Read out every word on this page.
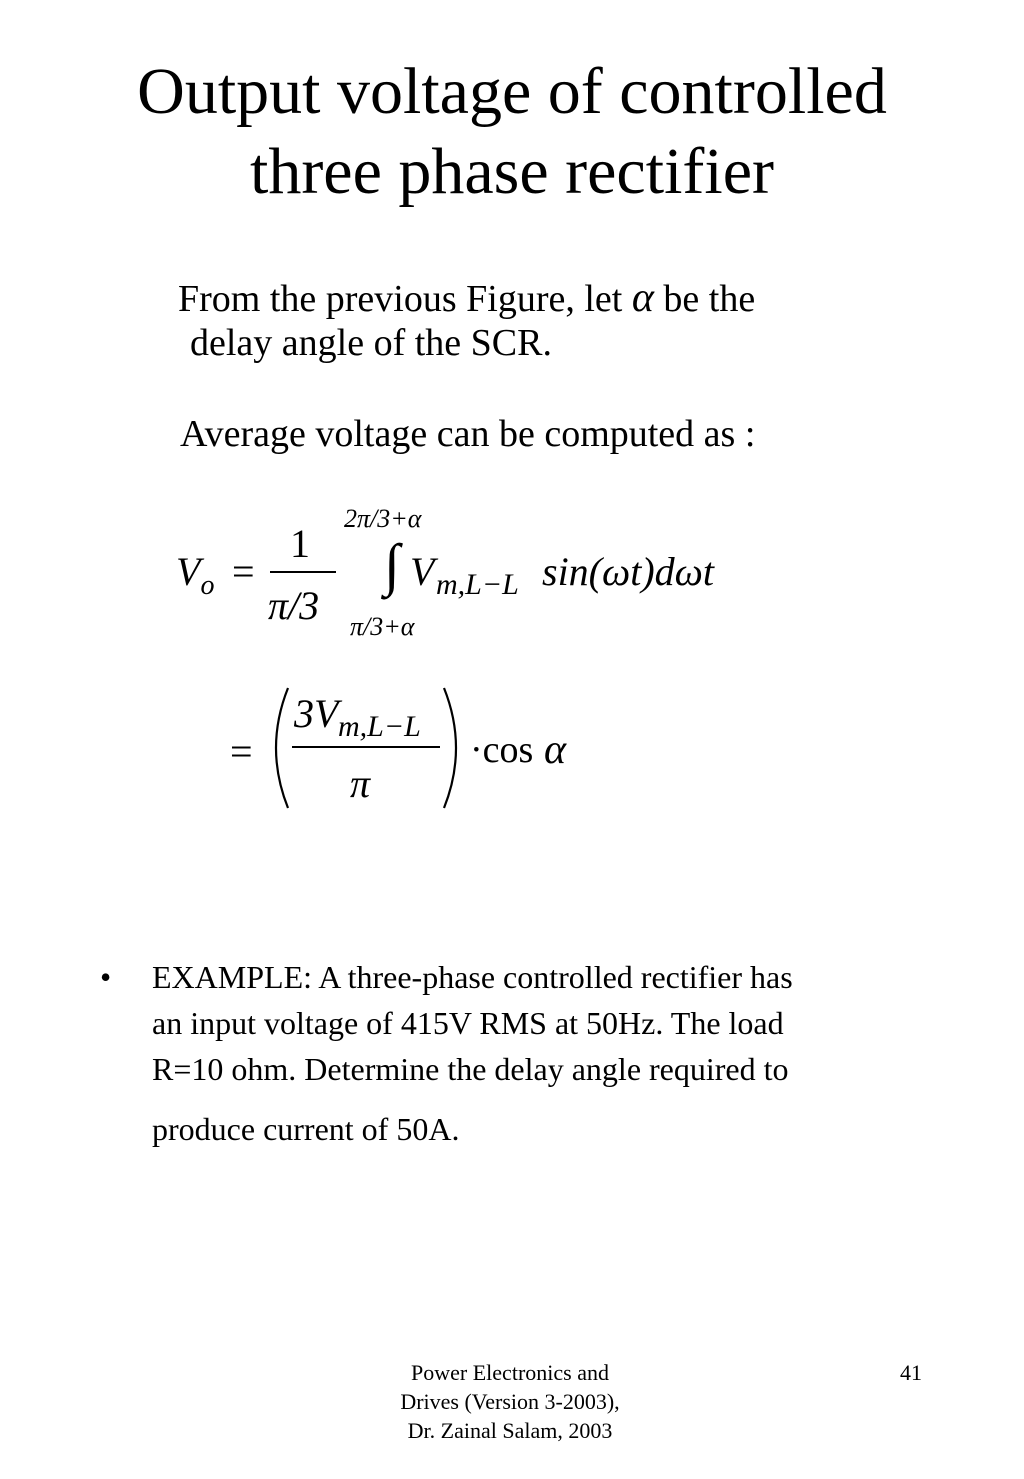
Output voltage of controlled
three phase rectifier
From the previous Figure, let α be the
delay angle of the SCR.
Average voltage can be computed as :
$V_o$ =
1
π/3
2π/3+α
∫
π/3+α
V m,L−L sin(ωt)dωt
=
3V m,L−L
π
·cos α
• EXAMPLE: A three-phase controlled rectifier has
an input voltage of 415V RMS at 50Hz. The load
R=10 ohm. Determine the delay angle required to
produce current of 50A.
Power Electronics and
Drives (Version 3-2003),
Dr. Zainal Salam, 2003
41
